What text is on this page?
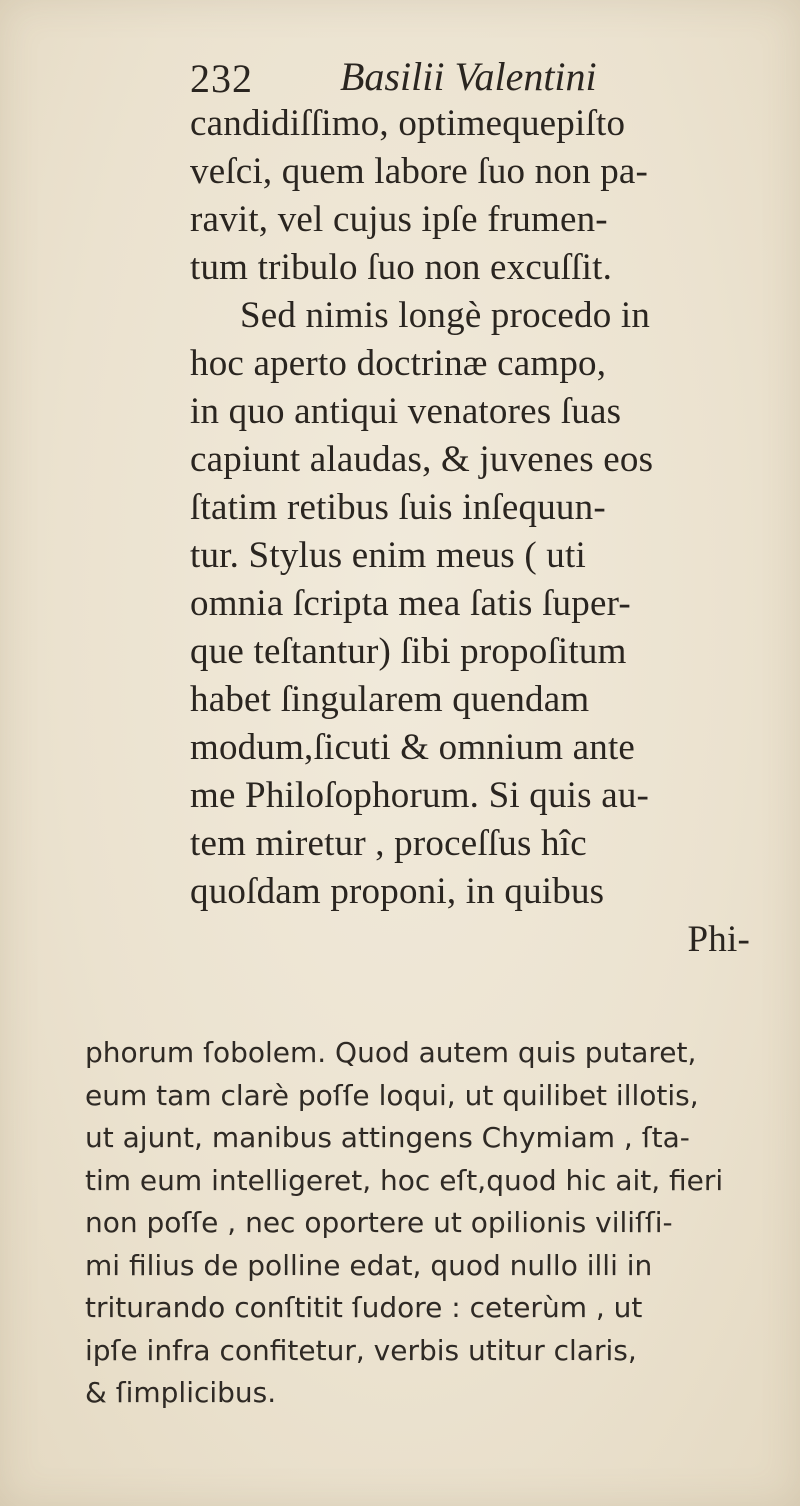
232 Basilii Valentini
candidiſſimo, optimequepiſto
veſci, quem labore ſuo non pa-
ravit, vel cujus ipſe frumen-
tum tribulo ſuo non excuſſit.
Sed nimis longè procedo in
hoc aperto doctrinæ campo,
in quo antiqui venatores ſuas
capiunt alaudas, & juvenes eos
ſtatim retibus ſuis inſequun-
tur. Stylus enim meus ( uti
omnia ſcripta mea ſatis ſuper-
que teſtantur) ſibi propoſitum
habet ſingularem quendam
modum,ſicuti & omnium ante
me Philoſophorum. Si quis au-
tem miretur , proceſſus hîc
quoſdam proponi, in quibus
Phi-
phorum ſobolem. Quod autem quis putaret,
eum tam clarè poſſe loqui, ut quilibet illotis,
ut ajunt, manibus attingens Chymiam , ſta-
tim eum intelligeret, hoc eſt,quod hic ait, fieri
non poſſe , nec oportere ut opilionis viliſſi-
mi filius de polline edat, quod nullo illi in
triturando conſtitit ſudore : ceterùm , ut
ipſe infra confitetur, verbis utitur claris,
& ſimplicibus.
